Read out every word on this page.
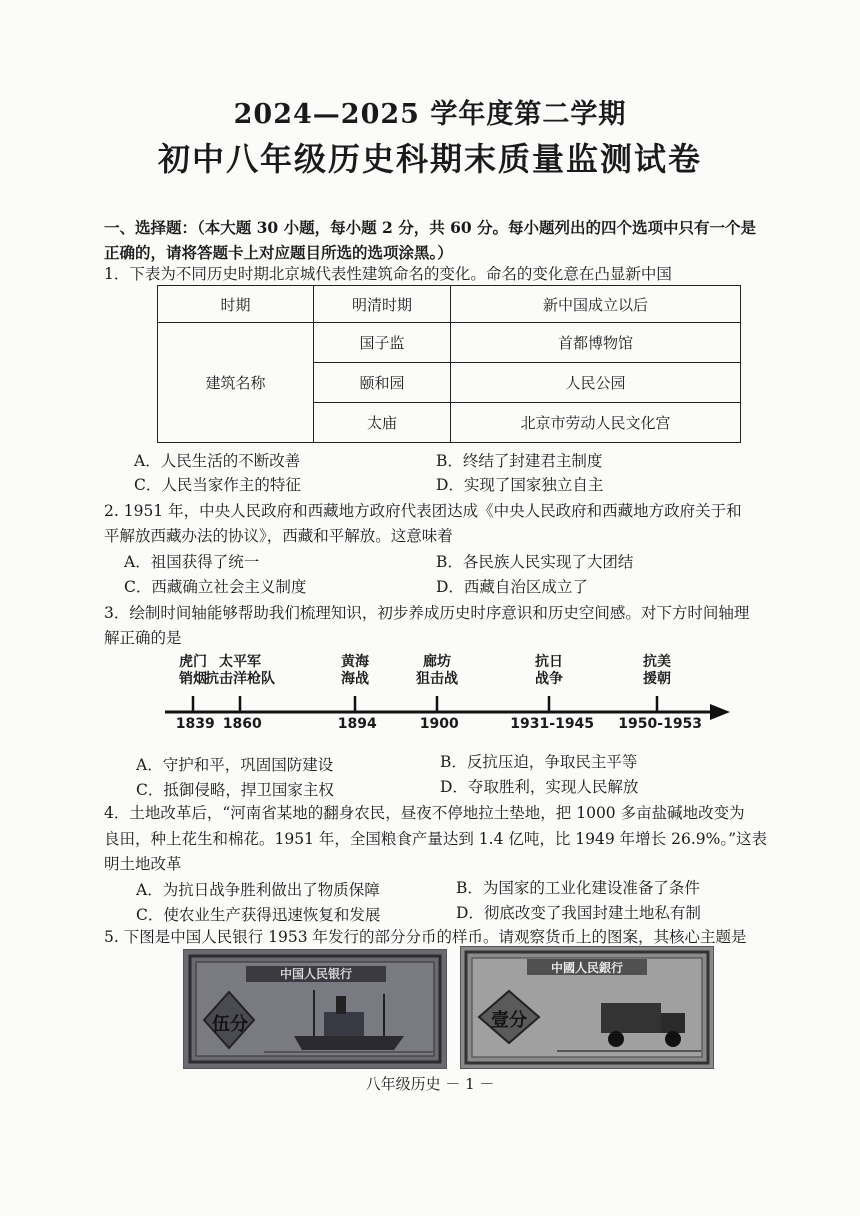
2024—2025 学年度第二学期
初中八年级历史科期末质量监测试卷
一、选择题：（本大题 30 小题，每小题 2 分，共 60 分。每小题列出的四个选项中只有一个是
正确的，请将答题卡上对应题目所选的选项涂黑。）
1．下表为不同历史时期北京城代表性建筑命名的变化。命名的变化意在凸显新中国
时期	明清时期	新中国成立以后
建筑名称	国子监	首都博物馆
	颐和园	人民公园
	太庙	北京市劳动人民文化宫
A．人民生活的不断改善	B．终结了封建君主制度
C．人民当家作主的特征	D．实现了国家独立自主
2. 1951 年，中央人民政府和西藏地方政府代表团达成《中央人民政府和西藏地方政府关于和
平解放西藏办法的协议》，西藏和平解放。这意味着
A．祖国获得了统一	B．各民族人民实现了大团结
C．西藏确立社会主义制度	D．西藏自治区成立了
3．绘制时间轴能够帮助我们梳理知识，初步养成历史时序意识和历史空间感。对下方时间轴理
解正确的是
虎门
销烟
1839
太平军
抗击洋枪队
1860
黄海
海战
1894
廊坊
狙击战
1900
抗日
战争
1931-1945
抗美
援朝
1950-1953
A．守护和平，巩固国防建设	B．反抗压迫，争取民主平等
C．抵御侵略，捍卫国家主权	D．夺取胜利，实现人民解放
4．土地改革后，“河南省某地的翻身农民，昼夜不停地拉土垫地，把 1000 多亩盐碱地改变为
良田，种上花生和棉花。1951 年，全国粮食产量达到 1.4 亿吨，比 1949 年增长 26.9%。”这表
明土地改革
A．为抗日战争胜利做出了物质保障	B．为国家的工业化建设准备了条件
C．使农业生产获得迅速恢复和发展	D．彻底改变了我国封建土地私有制
5. 下图是中国人民银行 1953 年发行的部分分币的样币。请观察货币上的图案，其核心主题是
中国人民银行
伍分
中國人民銀行
壹分
八年级历史 － 1 －
